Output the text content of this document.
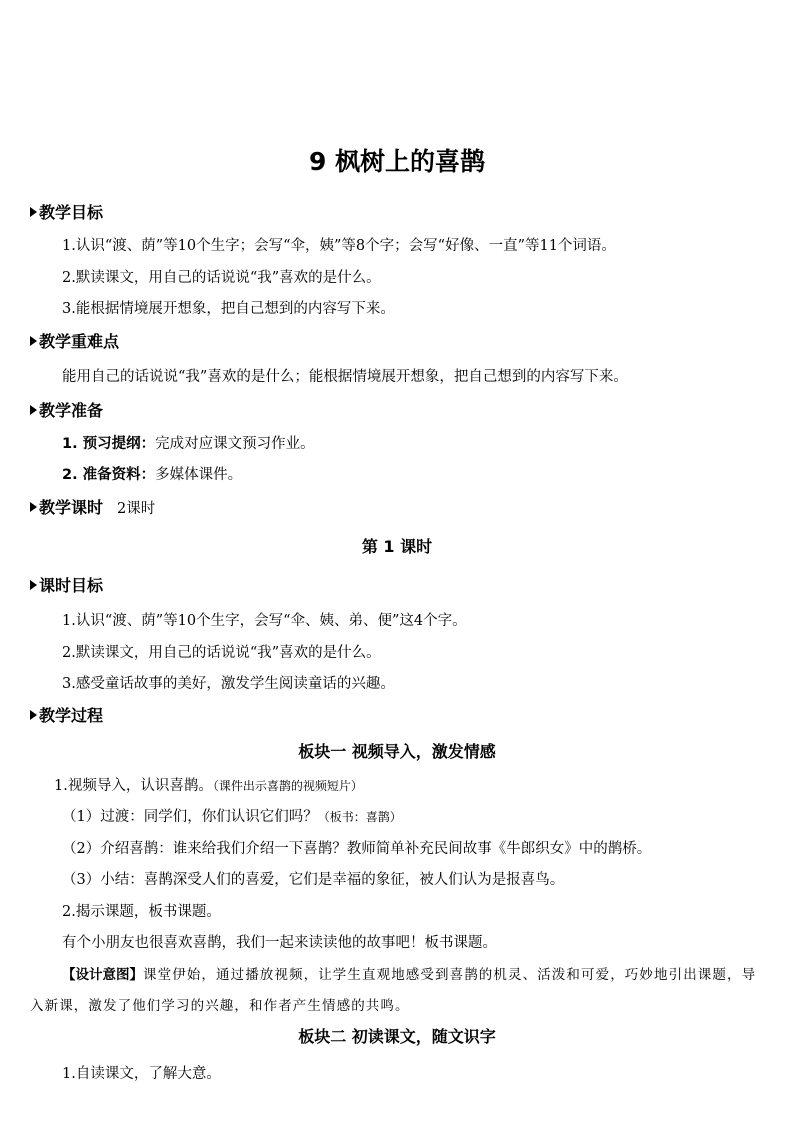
9 枫树上的喜鹊
教学目标
1.认识“渡、荫”等10个生字；会写“伞，姨”等8个字；会写“好像、一直”等11个词语。
2.默读课文，用自己的话说说“我”喜欢的是什么。
3.能根据情境展开想象，把自己想到的内容写下来。
教学重难点
能用自己的话说说“我”喜欢的是什么；能根据情境展开想象，把自己想到的内容写下来。
教学准备
1. 预习提纲：完成对应课文预习作业。
2. 准备资料：多媒体课件。
教学课时 2课时
第 1 课时
课时目标
1.认识“渡、荫”等10个生字，会写“伞、姨、弟、便”这4个字。
2.默读课文，用自己的话说说“我”喜欢的是什么。
3.感受童话故事的美好，激发学生阅读童话的兴趣。
教学过程
板块一 视频导入，激发情感
1.视频导入，认识喜鹊。（课件出示喜鹊的视频短片）
（1）过渡：同学们，你们认识它们吗？（板书：喜鹊）
（2）介绍喜鹊：谁来给我们介绍一下喜鹊？教师简单补充民间故事《牛郎织女》中的鹊桥。
（3）小结：喜鹊深受人们的喜爱，它们是幸福的象征，被人们认为是报喜鸟。
2.揭示课题，板书课题。
有个小朋友也很喜欢喜鹊，我们一起来读读他的故事吧！板书课题。
【设计意图】课堂伊始，通过播放视频，让学生直观地感受到喜鹊的机灵、活泼和可爱，巧妙地引出课题，导入新课，激发了他们学习的兴趣，和作者产生情感的共鸣。
板块二 初读课文，随文识字
1.自读课文，了解大意。
